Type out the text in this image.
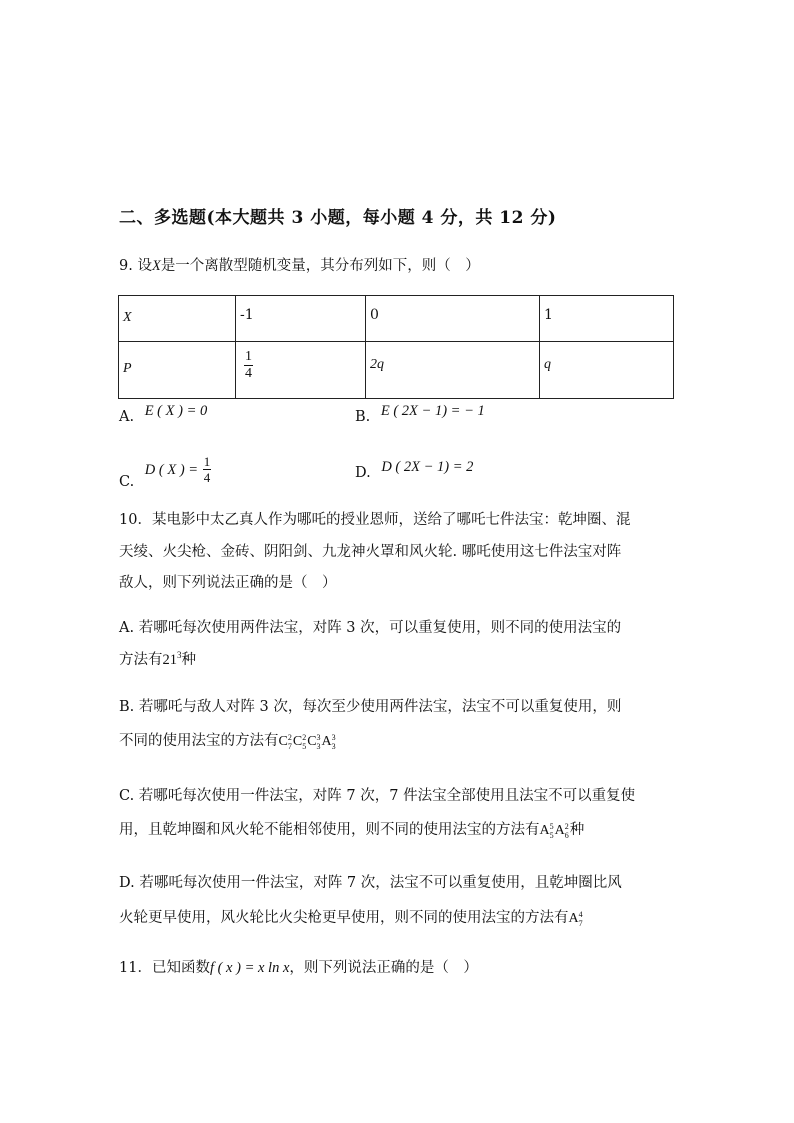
二、多选题(本大题共 3 小题，每小题 4 分，共 12 分)
9. 设X是一个离散型随机变量，其分布列如下，则（　）
X	-1	0	1
P	$\frac{1}{4}$	2q	q
A. E ( X ) = 0	B. E ( 2X − 1) = − 1
C. D ( X ) = $\frac{1}{4}$	D. D ( 2X − 1) = 2
10．某电影中太乙真人作为哪吒的授业恩师，送给了哪吒七件法宝：乾坤圈、混
天绫、火尖枪、金砖、阴阳剑、九龙神火罩和风火轮. 哪吒使用这七件法宝对阵
敌人，则下列说法正确的是（　）
A. 若哪吒每次使用两件法宝，对阵 3 次，可以重复使用，则不同的使用法宝的
方法有$21^3$种
B. 若哪吒与敌人对阵 3 次，每次至少使用两件法宝，法宝不可以重复使用，则
不同的使用法宝的方法有C 2
7 C 2
5 C 3
3 A 3
3
C. 若哪吒每次使用一件法宝，对阵 7 次，7 件法宝全部使用且法宝不可以重复使
用，且乾坤圈和风火轮不能相邻使用，则不同的使用法宝的方法有A 5
5 A 2
6 种
D. 若哪吒每次使用一件法宝，对阵 7 次，法宝不可以重复使用，且乾坤圈比风
火轮更早使用，风火轮比火尖枪更早使用，则不同的使用法宝的方法有A 4
7
11．已知函数f ( x ) = x ln x，则下列说法正确的是（　）
